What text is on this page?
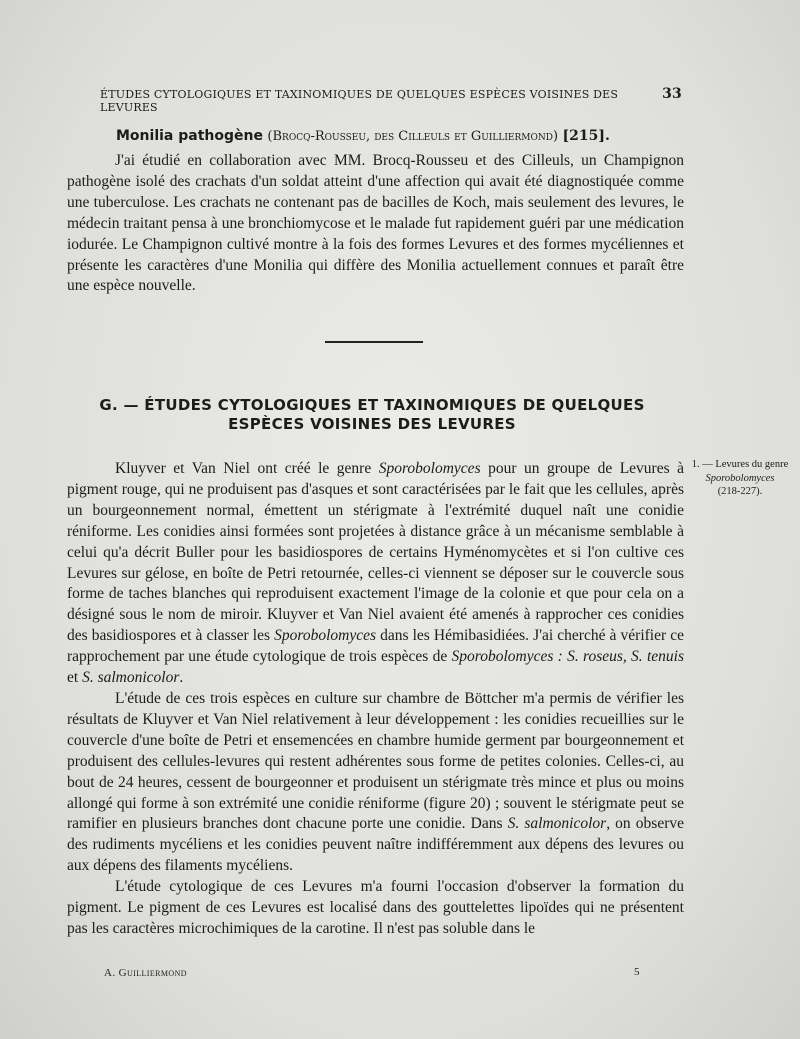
ÉTUDES CYTOLOGIQUES ET TAXINOMIQUES DE QUELQUES ESPÈCES VOISINES DES LEVURES
33
Monilia pathogène (Brocq-Rousseu, des Cilleuls et Guilliermond) [215].

J'ai étudié en collaboration avec MM. Brocq-Rousseu et des Cilleuls, un Champignon pathogène isolé des crachats d'un soldat atteint d'une affection qui avait été diagnostiquée comme une tuberculose. Les crachats ne contenant pas de bacilles de Koch, mais seulement des levures, le médecin traitant pensa à une bronchiomycose et le malade fut rapidement guéri par une médication iodurée. Le Champignon cultivé montre à la fois des formes Levures et des formes mycéliennes et présente les caractères d'une Monilia qui diffère des Monilia actuellement connues et paraît être une espèce nouvelle.

G. — ÉTUDES CYTOLOGIQUES ET TAXINOMIQUES DE QUELQUES
ESPÈCES VOISINES DES LEVURES
1. — Levures du genre Sporobolomyces
(218-227).

Kluyver et Van Niel ont créé le genre Sporobolomyces pour un groupe de Levures à pigment rouge, qui ne produisent pas d'asques et sont caractérisées par le fait que les cellules, après un bourgeonnement normal, émettent un stérigmate à l'extrémité duquel naît une conidie réniforme. Les conidies ainsi formées sont projetées à distance grâce à un mécanisme semblable à celui qu'a décrit Buller pour les basidiospores de certains Hyménomycètes et si l'on cultive ces Levures sur gélose, en boîte de Petri retournée, celles-ci viennent se déposer sur le couvercle sous forme de taches blanches qui reproduisent exactement l'image de la colonie et que pour cela on a désigné sous le nom de miroir. Kluyver et Van Niel avaient été amenés à rapprocher ces conidies des basidiospores et à classer les Sporobolomyces dans les Hémibasidiées. J'ai cherché à vérifier ce rapprochement par une étude cytologique de trois espèces de Sporobolomyces : S. roseus, S. tenuis et S. salmonicolor.

L'étude de ces trois espèces en culture sur chambre de Böttcher m'a permis de vérifier les résultats de Kluyver et Van Niel relativement à leur développement : les conidies recueillies sur le couvercle d'une boîte de Petri et ensemencées en chambre humide germent par bourgeonnement et produisent des cellules-levures qui restent adhérentes sous forme de petites colonies. Celles-ci, au bout de 24 heures, cessent de bourgeonner et produisent un stérigmate très mince et plus ou moins allongé qui forme à son extrémité une conidie réniforme (figure 20) ; souvent le stérigmate peut se ramifier en plusieurs branches dont chacune porte une conidie. Dans S. salmonicolor, on observe des rudiments mycéliens et les conidies peuvent naître indifféremment aux dépens des levures ou aux dépens des filaments mycéliens.

L'étude cytologique de ces Levures m'a fourni l'occasion d'observer la formation du pigment. Le pigment de ces Levures est localisé dans des gouttelettes lipoïdes qui ne présentent pas les caractères microchimiques de la carotine. Il n'est pas soluble dans le

A. Guilliermond	5
